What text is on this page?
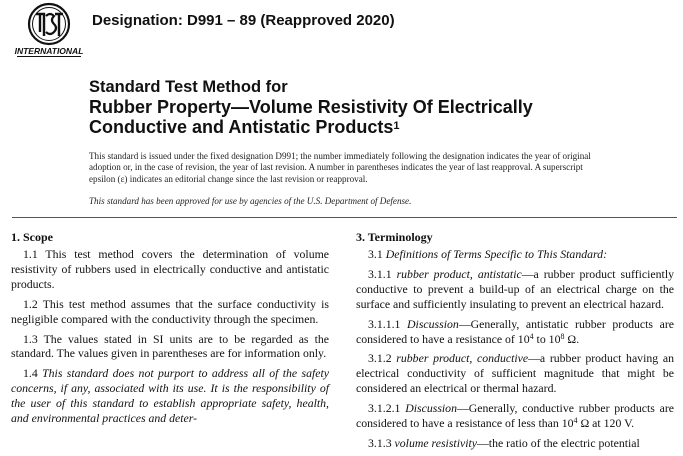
INTERNATIONAL
Designation: D991 – 89 (Reapproved 2020)
Standard Test Method for
Rubber Property—Volume Resistivity Of Electrically
Conductive and Antistatic Products$^1$
This standard is issued under the fixed designation D991; the number immediately following the designation indicates the year of original adoption or, in the case of revision, the year of last revision. A number in parentheses indicates the year of last reapproval. A superscript epsilon (ε) indicates an editorial change since the last revision or reapproval.
This standard has been approved for use by agencies of the U.S. Department of Defense.
1. Scope

1.1 This test method covers the determination of volume resistivity of rubbers used in electrically conductive and antistatic products.

1.2 This test method assumes that the surface conductivity is negligible compared with the conductivity through the specimen.

1.3 The values stated in SI units are to be regarded as the standard. The values given in parentheses are for information only.

1.4 This standard does not purport to address all of the safety concerns, if any, associated with its use. It is the responsibility of the user of this standard to establish appropriate safety, health, and environmental practices and deter-

3. Terminology

3.1 Definitions of Terms Specific to This Standard:

3.1.1 rubber product, antistatic—a rubber product sufficiently conductive to prevent a build-up of an electrical charge on the surface and sufficiently insulating to prevent an electrical hazard.

3.1.1.1 Discussion—Generally, antistatic rubber products are considered to have a resistance of $10^4$ to $10^8$ Ω.

3.1.2 rubber product, conductive—a rubber product having an electrical conductivity of sufficient magnitude that might be considered an electrical or thermal hazard.

3.1.2.1 Discussion—Generally, conductive rubber products are considered to have a resistance of less than $10^4$ Ω at 120 V.

3.1.3 volume resistivity—the ratio of the electric potential
